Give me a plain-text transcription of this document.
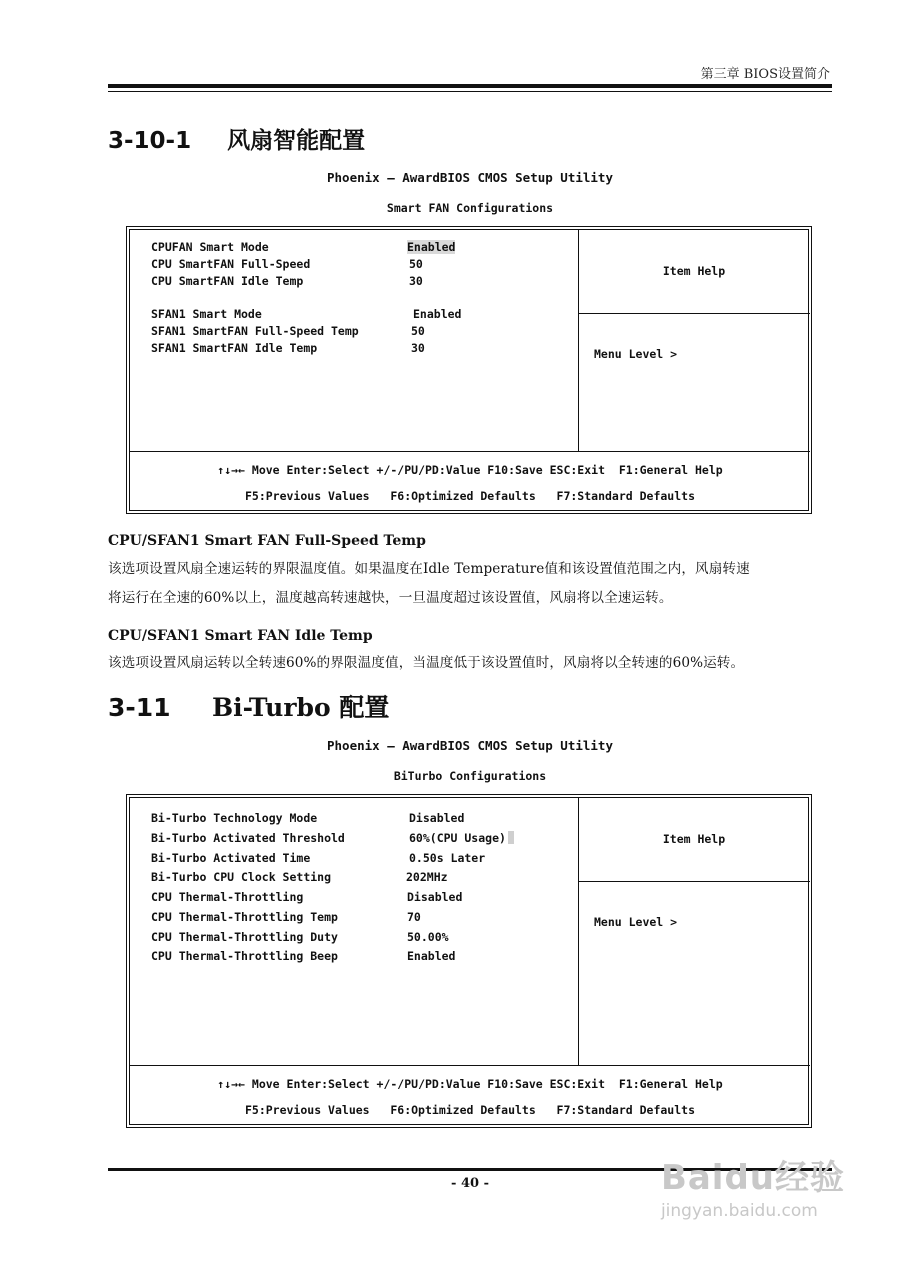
第三章 BIOS设置简介
3-10-1 风扇智能配置
Phoenix – AwardBIOS CMOS Setup Utility
Smart FAN Configurations
CPUFAN Smart Mode	Enabled
CPU SmartFAN Full-Speed	50
CPU SmartFAN Idle Temp	30
SFAN1 Smart Mode	Enabled
SFAN1 SmartFAN Full-Speed Temp	50
SFAN1 SmartFAN Idle Temp	30
Item Help
Menu Level >
↑↓→← Move Enter:Select +/-/PU/PD:Value F10:Save ESC:Exit  F1:General Help
F5:Previous Values   F6:Optimized Defaults   F7:Standard Defaults
CPU/SFAN1 Smart FAN Full-Speed Temp
该选项设置风扇全速运转的界限温度值。如果温度在Idle Temperature值和该设置值范围之内，风扇转速
将运行在全速的60%以上，温度越高转速越快，一旦温度超过该设置值，风扇将以全速运转。
CPU/SFAN1 Smart FAN Idle Temp
该选项设置风扇运转以全转速60%的界限温度值，当温度低于该设置值时，风扇将以全转速的60%运转。
3-11 Bi-Turbo 配置
Phoenix – AwardBIOS CMOS Setup Utility
BiTurbo Configurations
Bi-Turbo Technology Mode	Disabled
Bi-Turbo Activated Threshold	60%(CPU Usage)
Bi-Turbo Activated Time	0.50s Later
Bi-Turbo CPU Clock Setting	202MHz
CPU Thermal-Throttling	Disabled
CPU Thermal-Throttling Temp	70
CPU Thermal-Throttling Duty	50.00%
CPU Thermal-Throttling Beep	Enabled
Item Help
Menu Level >
↑↓→← Move Enter:Select +/-/PU/PD:Value F10:Save ESC:Exit  F1:General Help
F5:Previous Values   F6:Optimized Defaults   F7:Standard Defaults
- 40 -	Baidu经验
jingyan.baidu.com
